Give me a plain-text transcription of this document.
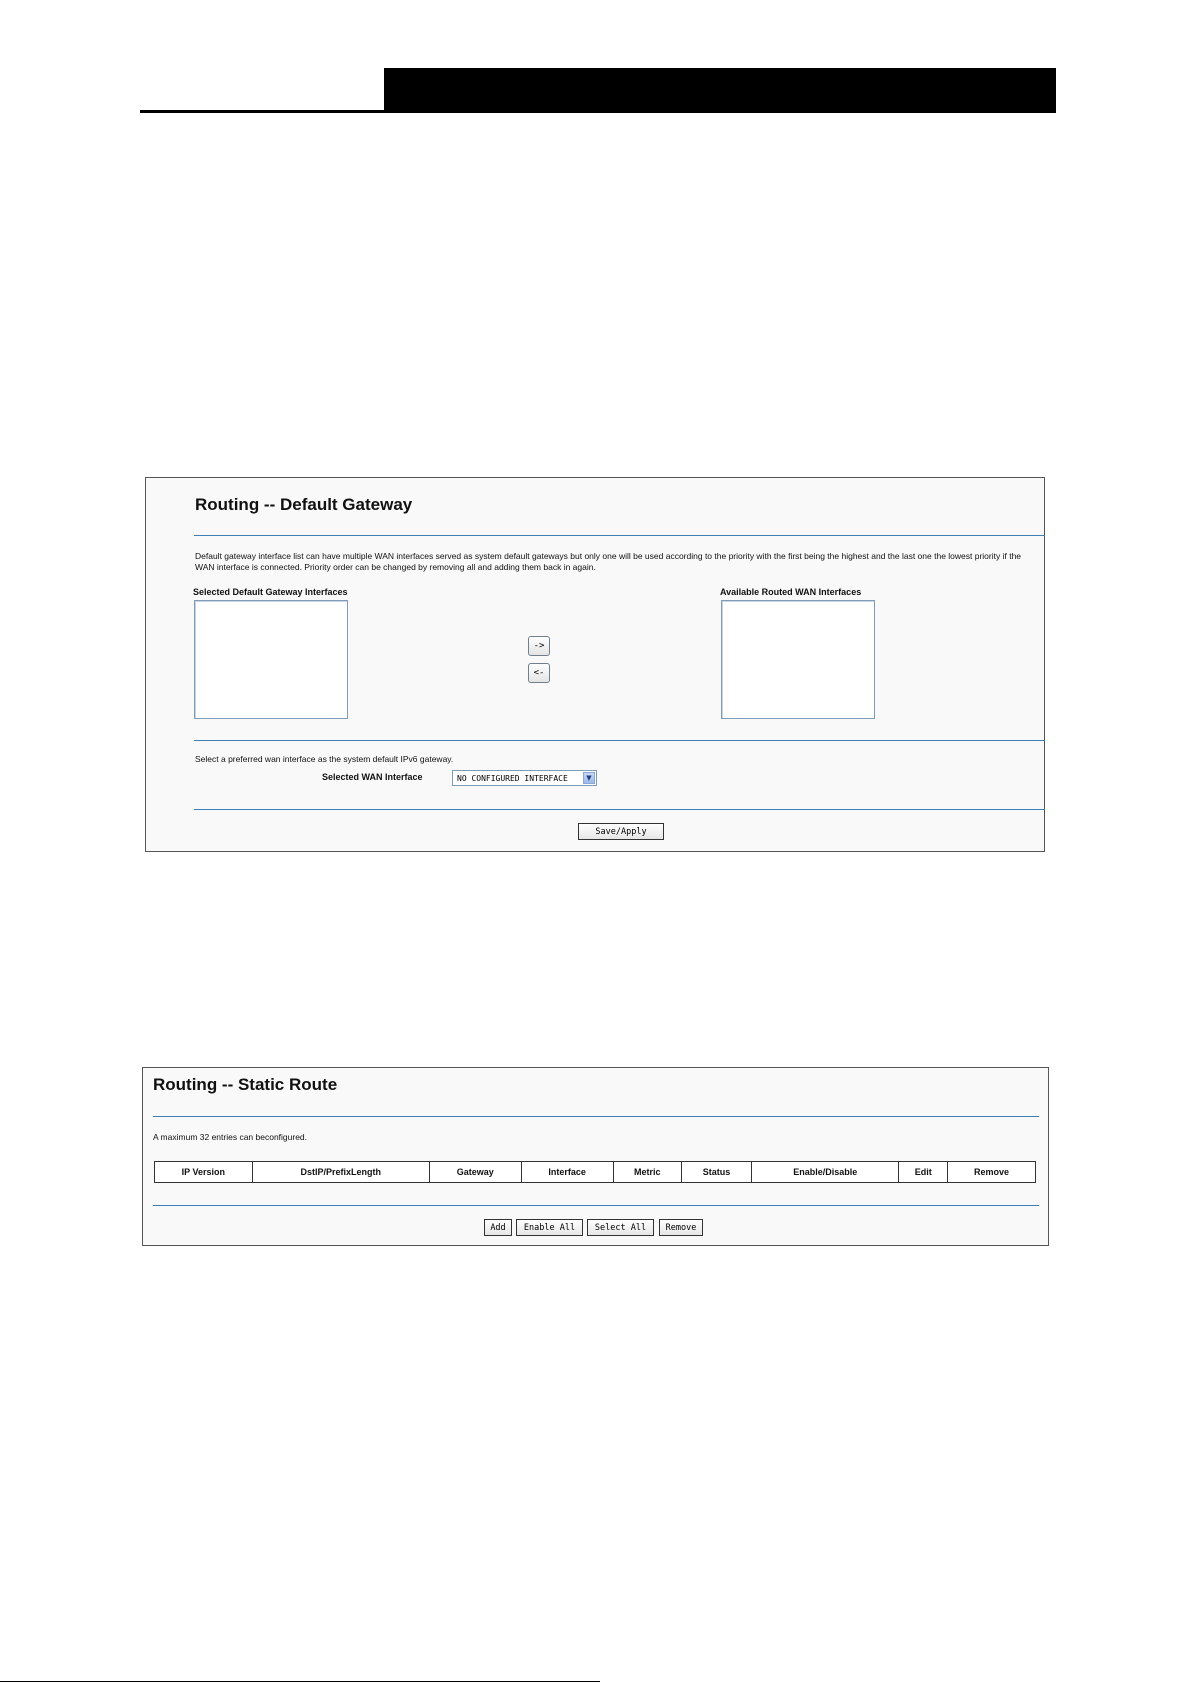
Routing -- Default Gateway
Default gateway interface list can have multiple WAN interfaces served as system default gateways but only one will be used according to the priority with the first being the highest and the last one the lowest priority if the WAN interface is connected. Priority order can be changed by removing all and adding them back in again.
Selected Default Gateway Interfaces
->
<-
Available Routed WAN Interfaces
Select a preferred wan interface as the system default IPv6 gateway.
Selected WAN Interface	NO CONFIGURED INTERFACE	▼
Save/Apply
Routing -- Static Route
A maximum 32 entries can beconfigured.
IP Version	DstIP/PrefixLength	Gateway	Interface	Metric	Status	Enable/Disable	Edit	Remove
Add	Enable All	Select All	Remove
